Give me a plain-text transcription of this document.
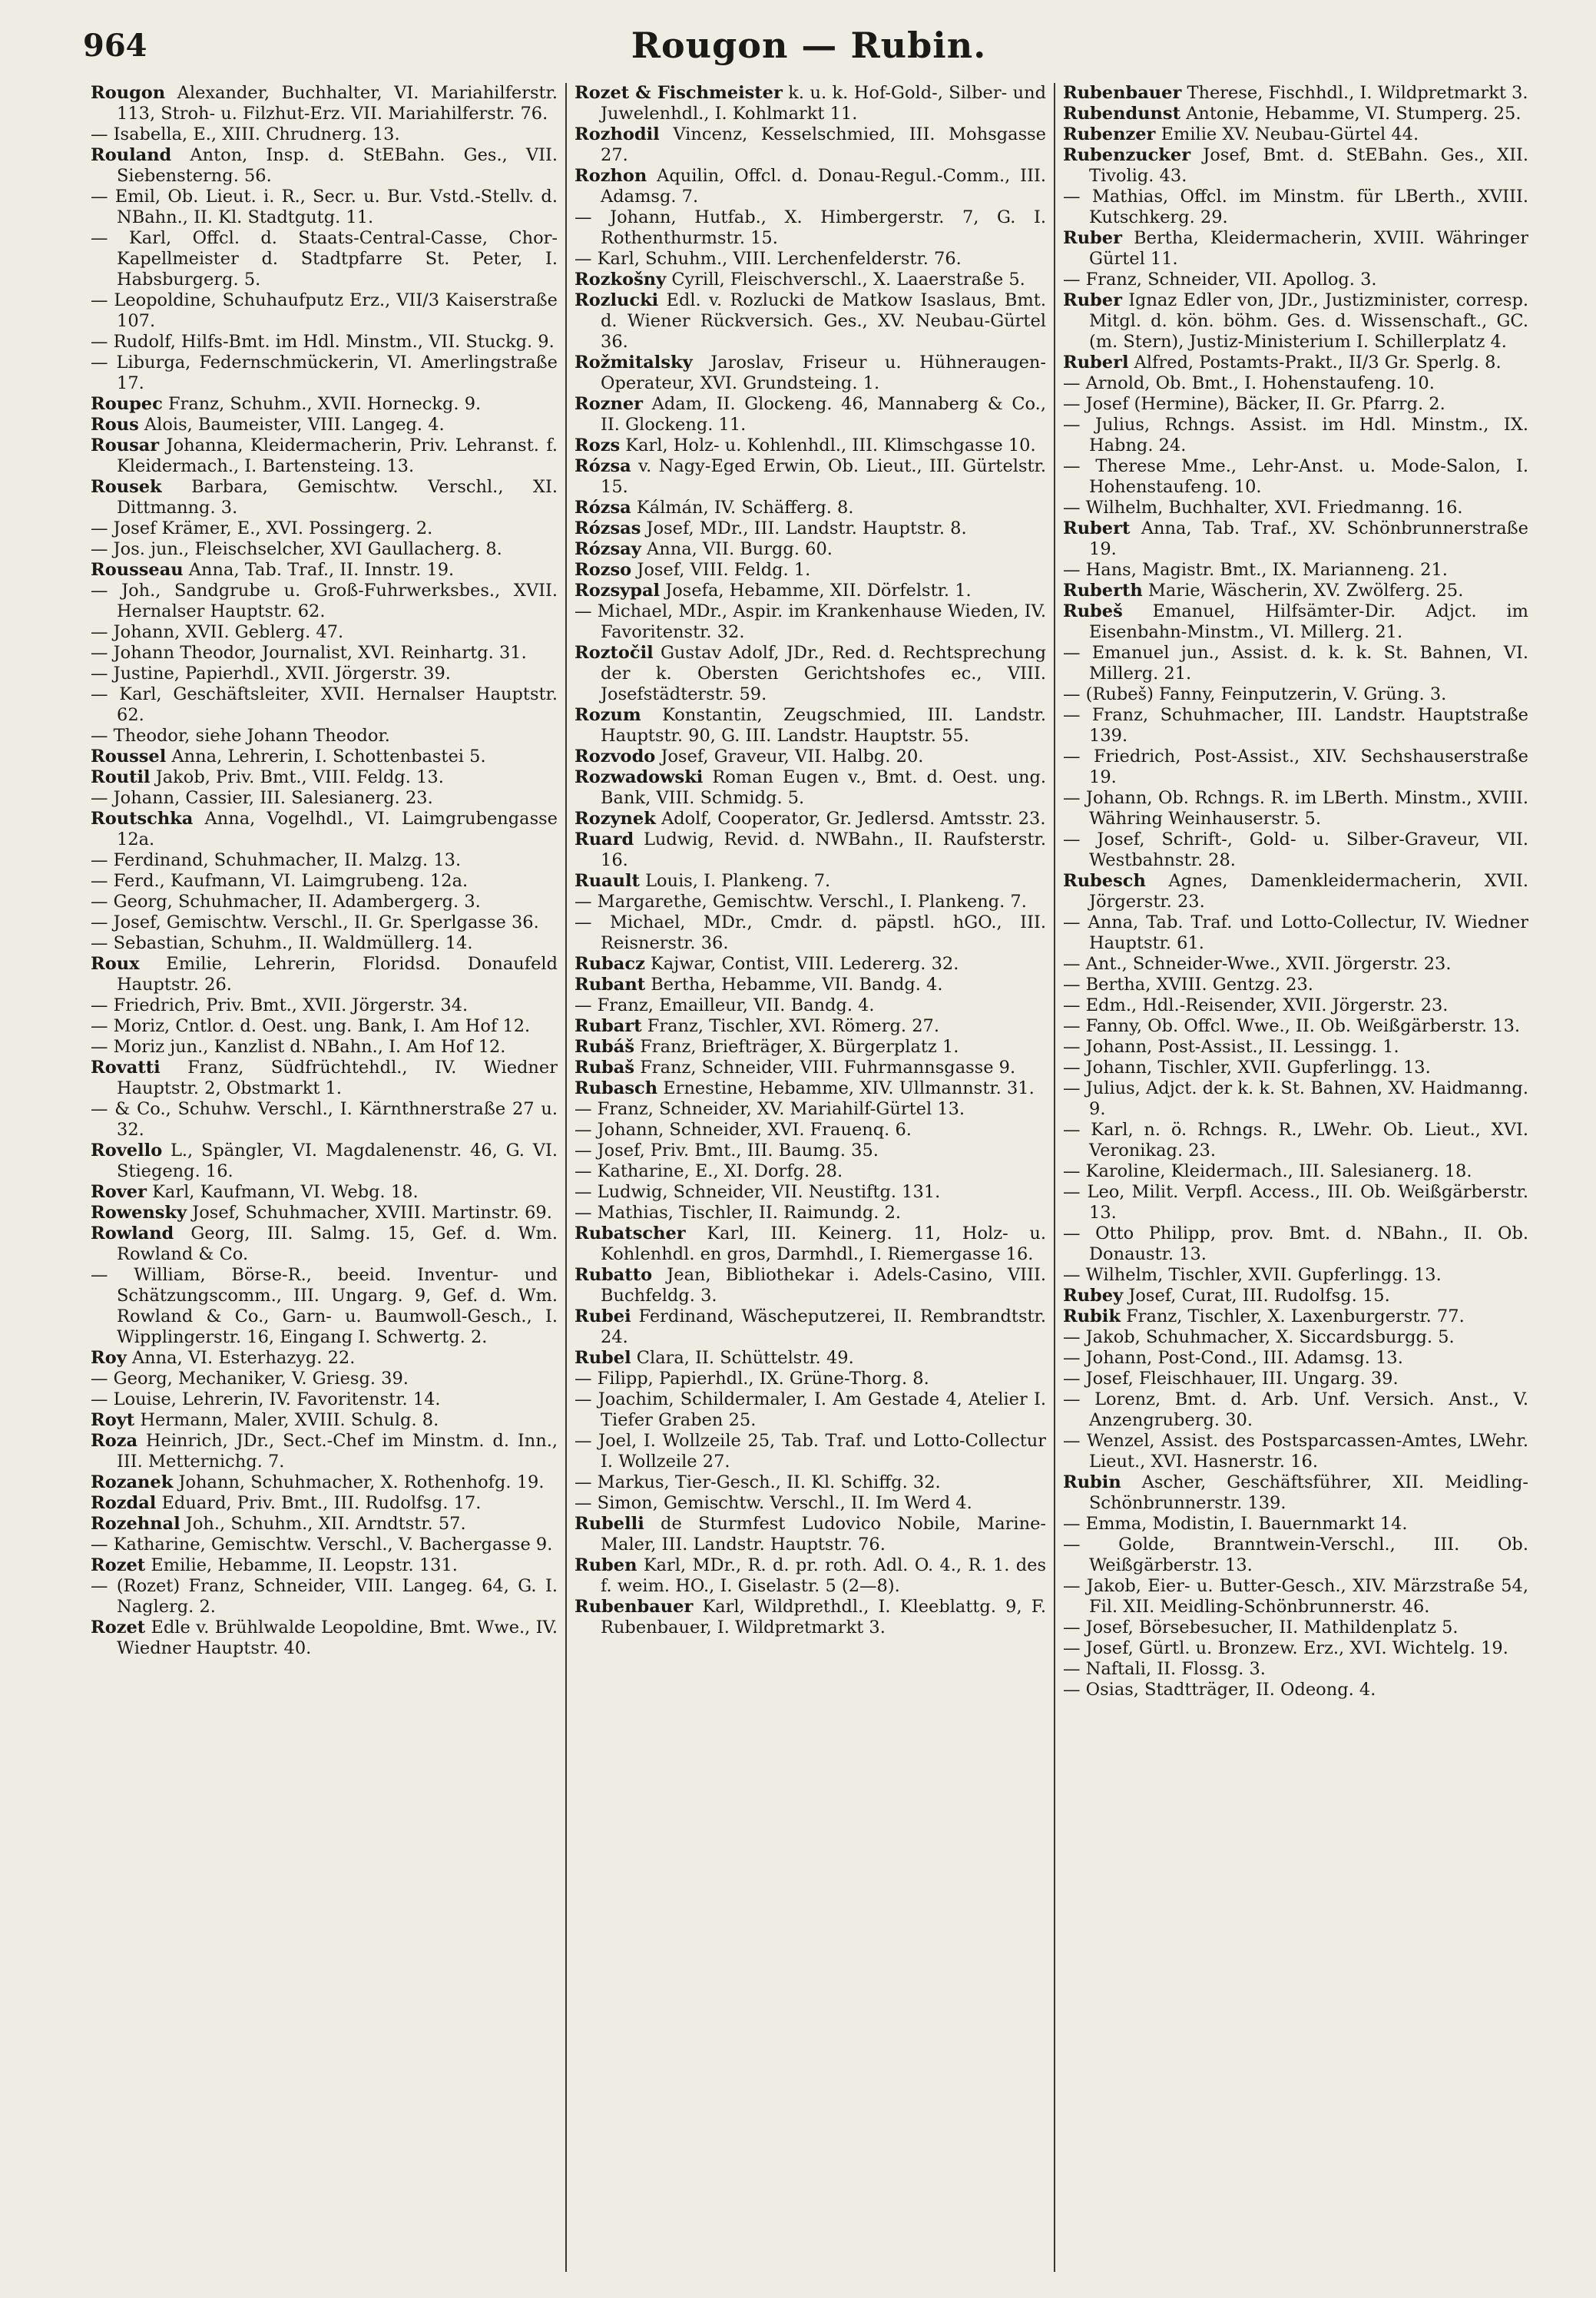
964	Rougon — Rubin.
Rougon Alexander, Buchhalter, VI. Mariahilferstr. 113, Stroh- u. Filzhut-Erz. VII. Mariahilferstr. 76.
— Isabella, E., XIII. Chrudnerg. 13.
Rouland Anton, Insp. d. StEBahn. Ges., VII. Siebensterng. 56.
— Emil, Ob. Lieut. i. R., Secr. u. Bur. Vstd.-Stellv. d. NBahn., II. Kl. Stadtgutg. 11.
— Karl, Offcl. d. Staats-Central-Casse, Chor-Kapellmeister d. Stadtpfarre St. Peter, I. Habsburgerg. 5.
— Leopoldine, Schuhaufputz Erz., VII/3 Kaiserstraße 107.
— Rudolf, Hilfs-Bmt. im Hdl. Minstm., VII. Stuckg. 9.
— Liburga, Federnschmückerin, VI. Amerlingstraße 17.
Roupec Franz, Schuhm., XVII. Horneckg. 9.
Rous Alois, Baumeister, VIII. Langeg. 4.
Rousar Johanna, Kleidermacherin, Priv. Lehranst. f. Kleidermach., I. Bartensteing. 13.
Rousek Barbara, Gemischtw. Verschl., XI. Dittmanng. 3.
— Josef Krämer, E., XVI. Possingerg. 2.
— Jos. jun., Fleischselcher, XVI Gaullacherg. 8.
Rousseau Anna, Tab. Traf., II. Innstr. 19.
— Joh., Sandgrube u. Groß-Fuhrwerksbes., XVII. Hernalser Hauptstr. 62.
— Johann, XVII. Geblerg. 47.
— Johann Theodor, Journalist, XVI. Reinhartg. 31.
— Justine, Papierhdl., XVII. Jörgerstr. 39.
— Karl, Geschäftsleiter, XVII. Hernalser Hauptstr. 62.
— Theodor, siehe Johann Theodor.
Roussel Anna, Lehrerin, I. Schottenbastei 5.
Routil Jakob, Priv. Bmt., VIII. Feldg. 13.
— Johann, Cassier, III. Salesianerg. 23.
Routschka Anna, Vogelhdl., VI. Laimgrubengasse 12a.
— Ferdinand, Schuhmacher, II. Malzg. 13.
— Ferd., Kaufmann, VI. Laimgrubeng. 12a.
— Georg, Schuhmacher, II. Adambergerg. 3.
— Josef, Gemischtw. Verschl., II. Gr. Sperlgasse 36.
— Sebastian, Schuhm., II. Waldmüllerg. 14.
Roux Emilie, Lehrerin, Floridsd. Donaufeld Hauptstr. 26.
— Friedrich, Priv. Bmt., XVII. Jörgerstr. 34.
— Moriz, Cntlor. d. Oest. ung. Bank, I. Am Hof 12.
— Moriz jun., Kanzlist d. NBahn., I. Am Hof 12.
Rovatti Franz, Südfrüchtehdl., IV. Wiedner Hauptstr. 2, Obstmarkt 1.
— & Co., Schuhw. Verschl., I. Kärnthnerstraße 27 u. 32.
Rovello L., Spängler, VI. Magdalenenstr. 46, G. VI. Stiegeng. 16.
Rover Karl, Kaufmann, VI. Webg. 18.
Rowensky Josef, Schuhmacher, XVIII. Martinstr. 69.
Rowland Georg, III. Salmg. 15, Gef. d. Wm. Rowland & Co.
— William, Börse-R., beeid. Inventur- und Schätzungscomm., III. Ungarg. 9, Gef. d. Wm. Rowland & Co., Garn- u. Baumwoll-Gesch., I. Wipplingerstr. 16, Eingang I. Schwertg. 2.
Roy Anna, VI. Esterhazyg. 22.
— Georg, Mechaniker, V. Griesg. 39.
— Louise, Lehrerin, IV. Favoritenstr. 14.
Royt Hermann, Maler, XVIII. Schulg. 8.
Roza Heinrich, JDr., Sect.-Chef im Minstm. d. Inn., III. Metternichg. 7.
Rozanek Johann, Schuhmacher, X. Rothenhofg. 19.
Rozdal Eduard, Priv. Bmt., III. Rudolfsg. 17.
Rozehnal Joh., Schuhm., XII. Arndtstr. 57.
— Katharine, Gemischtw. Verschl., V. Bachergasse 9.
Rozet Emilie, Hebamme, II. Leopstr. 131.
— (Rozet) Franz, Schneider, VIII. Langeg. 64, G. I. Naglerg. 2.
Rozet Edle v. Brühlwalde Leopoldine, Bmt. Wwe., IV. Wiedner Hauptstr. 40.
Rozet & Fischmeister k. u. k. Hof-Gold-, Silber- und Juwelenhdl., I. Kohlmarkt 11.
Rozhodil Vincenz, Kesselschmied, III. Mohsgasse 27.
Rozhon Aquilin, Offcl. d. Donau-Regul.-Comm., III. Adamsg. 7.
— Johann, Hutfab., X. Himbergerstr. 7, G. I. Rothenthurmstr. 15.
— Karl, Schuhm., VIII. Lerchenfelderstr. 76.
Rozkošny Cyrill, Fleischverschl., X. Laaerstraße 5.
Rozlucki Edl. v. Rozlucki de Matkow Isaslaus, Bmt. d. Wiener Rückversich. Ges., XV. Neubau-Gürtel 36.
Rožmitalsky Jaroslav, Friseur u. Hühneraugen-Operateur, XVI. Grundsteing. 1.
Rozner Adam, II. Glockeng. 46, Mannaberg & Co., II. Glockeng. 11.
Rozs Karl, Holz- u. Kohlenhdl., III. Klimschgasse 10.
Rózsa v. Nagy-Eged Erwin, Ob. Lieut., III. Gürtelstr. 15.
Rózsa Kálmán, IV. Schäfferg. 8.
Rózsas Josef, MDr., III. Landstr. Hauptstr. 8.
Rózsay Anna, VII. Burgg. 60.
Rozso Josef, VIII. Feldg. 1.
Rozsypal Josefa, Hebamme, XII. Dörfelstr. 1.
— Michael, MDr., Aspir. im Krankenhause Wieden, IV. Favoritenstr. 32.
Roztočil Gustav Adolf, JDr., Red. d. Rechtsprechung der k. Obersten Gerichtshofes ec., VIII. Josefstädterstr. 59.
Rozum Konstantin, Zeugschmied, III. Landstr. Hauptstr. 90, G. III. Landstr. Hauptstr. 55.
Rozvodo Josef, Graveur, VII. Halbg. 20.
Rozwadowski Roman Eugen v., Bmt. d. Oest. ung. Bank, VIII. Schmidg. 5.
Rozynek Adolf, Cooperator, Gr. Jedlersd. Amtsstr. 23.
Ruard Ludwig, Revid. d. NWBahn., II. Raufsterstr. 16.
Ruault Louis, I. Plankeng. 7.
— Margarethe, Gemischtw. Verschl., I. Plankeng. 7.
— Michael, MDr., Cmdr. d. päpstl. hGO., III. Reisnerstr. 36.
Rubacz Kajwar, Contist, VIII. Ledererg. 32.
Rubant Bertha, Hebamme, VII. Bandg. 4.
— Franz, Emailleur, VII. Bandg. 4.
Rubart Franz, Tischler, XVI. Römerg. 27.
Rubáš Franz, Briefträger, X. Bürgerplatz 1.
Rubaš Franz, Schneider, VIII. Fuhrmannsgasse 9.
Rubasch Ernestine, Hebamme, XIV. Ullmannstr. 31.
— Franz, Schneider, XV. Mariahilf-Gürtel 13.
— Johann, Schneider, XVI. Frauenq. 6.
— Josef, Priv. Bmt., III. Baumg. 35.
— Katharine, E., XI. Dorfg. 28.
— Ludwig, Schneider, VII. Neustiftg. 131.
— Mathias, Tischler, II. Raimundg. 2.
Rubatscher Karl, III. Keinerg. 11, Holz- u. Kohlenhdl. en gros, Darmhdl., I. Riemergasse 16.
Rubatto Jean, Bibliothekar i. Adels-Casino, VIII. Buchfeldg. 3.
Rubei Ferdinand, Wäscheputzerei, II. Rembrandtstr. 24.
Rubel Clara, II. Schüttelstr. 49.
— Filipp, Papierhdl., IX. Grüne-Thorg. 8.
— Joachim, Schildermaler, I. Am Gestade 4, Atelier I. Tiefer Graben 25.
— Joel, I. Wollzeile 25, Tab. Traf. und Lotto-Collectur I. Wollzeile 27.
— Markus, Tier-Gesch., II. Kl. Schiffg. 32.
— Simon, Gemischtw. Verschl., II. Im Werd 4.
Rubelli de Sturmfest Ludovico Nobile, Marine-Maler, III. Landstr. Hauptstr. 76.
Ruben Karl, MDr., R. d. pr. roth. Adl. O. 4., R. 1. des f. weim. HO., I. Giselastr. 5 (2—8).
Rubenbauer Karl, Wildprethdl., I. Kleeblattg. 9, F. Rubenbauer, I. Wildpretmarkt 3.
Rubenbauer Therese, Fischhdl., I. Wildpretmarkt 3.
Rubendunst Antonie, Hebamme, VI. Stumperg. 25.
Rubenzer Emilie XV. Neubau-Gürtel 44.
Rubenzucker Josef, Bmt. d. StEBahn. Ges., XII. Tivolig. 43.
— Mathias, Offcl. im Minstm. für LBerth., XVIII. Kutschkerg. 29.
Ruber Bertha, Kleidermacherin, XVIII. Währinger Gürtel 11.
— Franz, Schneider, VII. Apollog. 3.
Ruber Ignaz Edler von, JDr., Justizminister, corresp. Mitgl. d. kön. böhm. Ges. d. Wissenschaft., GC. (m. Stern), Justiz-Ministerium I. Schillerplatz 4.
Ruberl Alfred, Postamts-Prakt., II/3 Gr. Sperlg. 8.
— Arnold, Ob. Bmt., I. Hohenstaufeng. 10.
— Josef (Hermine), Bäcker, II. Gr. Pfarrg. 2.
— Julius, Rchngs. Assist. im Hdl. Minstm., IX. Habng. 24.
— Therese Mme., Lehr-Anst. u. Mode-Salon, I. Hohenstaufeng. 10.
— Wilhelm, Buchhalter, XVI. Friedmanng. 16.
Rubert Anna, Tab. Traf., XV. Schönbrunnerstraße 19.
— Hans, Magistr. Bmt., IX. Marianneng. 21.
Ruberth Marie, Wäscherin, XV. Zwölferg. 25.
Rubeš Emanuel, Hilfsämter-Dir. Adjct. im Eisenbahn-Minstm., VI. Millerg. 21.
— Emanuel jun., Assist. d. k. k. St. Bahnen, VI. Millerg. 21.
— (Rubeš) Fanny, Feinputzerin, V. Grüng. 3.
— Franz, Schuhmacher, III. Landstr. Hauptstraße 139.
— Friedrich, Post-Assist., XIV. Sechshauserstraße 19.
— Johann, Ob. Rchngs. R. im LBerth. Minstm., XVIII. Währing Weinhauserstr. 5.
— Josef, Schrift-, Gold- u. Silber-Graveur, VII. Westbahnstr. 28.
Rubesch Agnes, Damenkleidermacherin, XVII. Jörgerstr. 23.
— Anna, Tab. Traf. und Lotto-Collectur, IV. Wiedner Hauptstr. 61.
— Ant., Schneider-Wwe., XVII. Jörgerstr. 23.
— Bertha, XVIII. Gentzg. 23.
— Edm., Hdl.-Reisender, XVII. Jörgerstr. 23.
— Fanny, Ob. Offcl. Wwe., II. Ob. Weißgärberstr. 13.
— Johann, Post-Assist., II. Lessingg. 1.
— Johann, Tischler, XVII. Gupferlingg. 13.
— Julius, Adjct. der k. k. St. Bahnen, XV. Haidmanng. 9.
— Karl, n. ö. Rchngs. R., LWehr. Ob. Lieut., XVI. Veronikag. 23.
— Karoline, Kleidermach., III. Salesianerg. 18.
— Leo, Milit. Verpfl. Access., III. Ob. Weißgärberstr. 13.
— Otto Philipp, prov. Bmt. d. NBahn., II. Ob. Donaustr. 13.
— Wilhelm, Tischler, XVII. Gupferlingg. 13.
Rubey Josef, Curat, III. Rudolfsg. 15.
Rubik Franz, Tischler, X. Laxenburgerstr. 77.
— Jakob, Schuhmacher, X. Siccardsburgg. 5.
— Johann, Post-Cond., III. Adamsg. 13.
— Josef, Fleischhauer, III. Ungarg. 39.
— Lorenz, Bmt. d. Arb. Unf. Versich. Anst., V. Anzengruberg. 30.
— Wenzel, Assist. des Postsparcassen-Amtes, LWehr. Lieut., XVI. Hasnerstr. 16.
Rubin Ascher, Geschäftsführer, XII. Meidling-Schönbrunnerstr. 139.
— Emma, Modistin, I. Bauernmarkt 14.
— Golde, Branntwein-Verschl., III. Ob. Weißgärberstr. 13.
— Jakob, Eier- u. Butter-Gesch., XIV. Märzstraße 54, Fil. XII. Meidling-Schönbrunnerstr. 46.
— Josef, Börsebesucher, II. Mathildenplatz 5.
— Josef, Gürtl. u. Bronzew. Erz., XVI. Wichtelg. 19.
— Naftali, II. Flossg. 3.
— Osias, Stadtträger, II. Odeong. 4.
